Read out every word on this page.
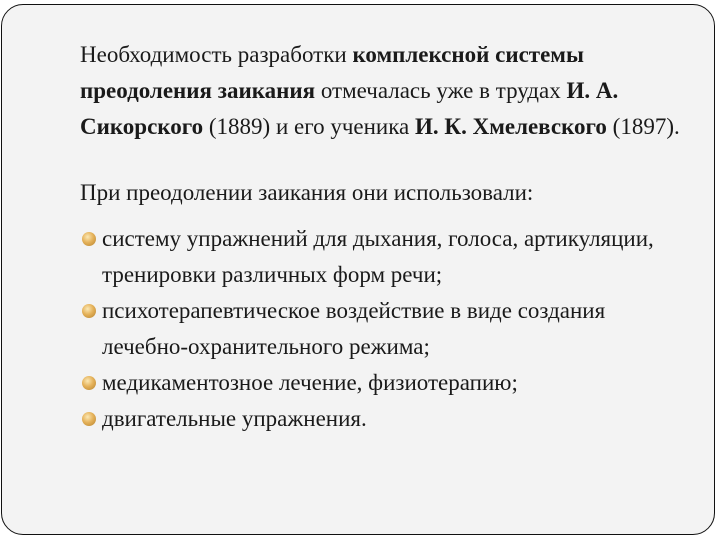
Необходимость разработки комплексной системы преодоления заикания отмечалась уже в трудах И. А. Сикорского (1889) и его ученика И. К. Хмелевского (1897).

При преодолении заикания они использовали:

систему упражнений для дыхания, голоса, артикуляции, тренировки различных форм речи;
психотерапевтическое воздействие в виде создания лечебно-охранительного режима;
медикаментозное лечение, физиотерапию;
двигательные упражнения.
